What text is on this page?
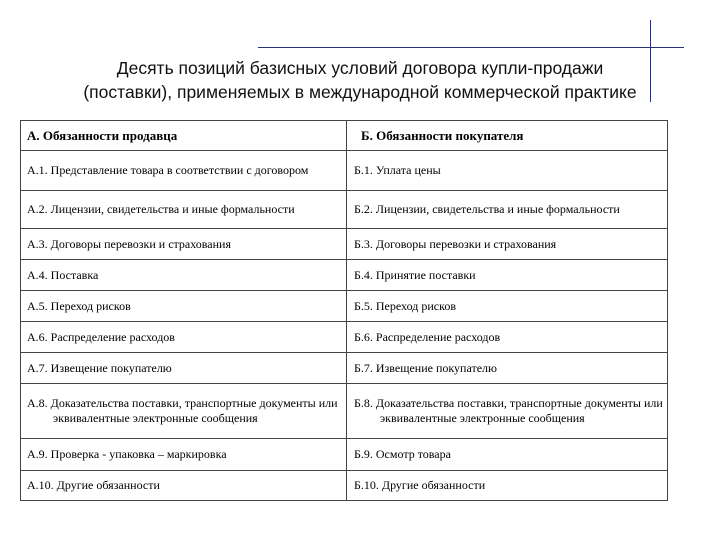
Десять позиций базисных условий договора купли-продажи
(поставки), применяемых в международной коммерческой практике
А. Обязанности продавца	Б. Обязанности покупателя

А.1. Представление товара в соответствии с договором	Б.1. Уплата цены

А.2. Лицензии, свидетельства и иные формальности	Б.2. Лицензии, свидетельства и иные формальности

А.3. Договоры перевозки и страхования	Б.3. Договоры перевозки и страхования

А.4. Поставка	Б.4. Принятие поставки

А.5. Переход рисков	Б.5. Переход рисков

А.6. Распределение расходов	Б.6. Распределение расходов

А.7. Извещение покупателю	Б.7. Извещение покупателю

А.8. Доказательства поставки, транспортные документы или эквивалентные электронные сообщения	Б.8. Доказательства поставки, транспортные документы или эквивалентные электронные сообщения

А.9. Проверка - упаковка – маркировка	Б.9. Осмотр товара

А.10. Другие обязанности	Б.10. Другие обязанности
